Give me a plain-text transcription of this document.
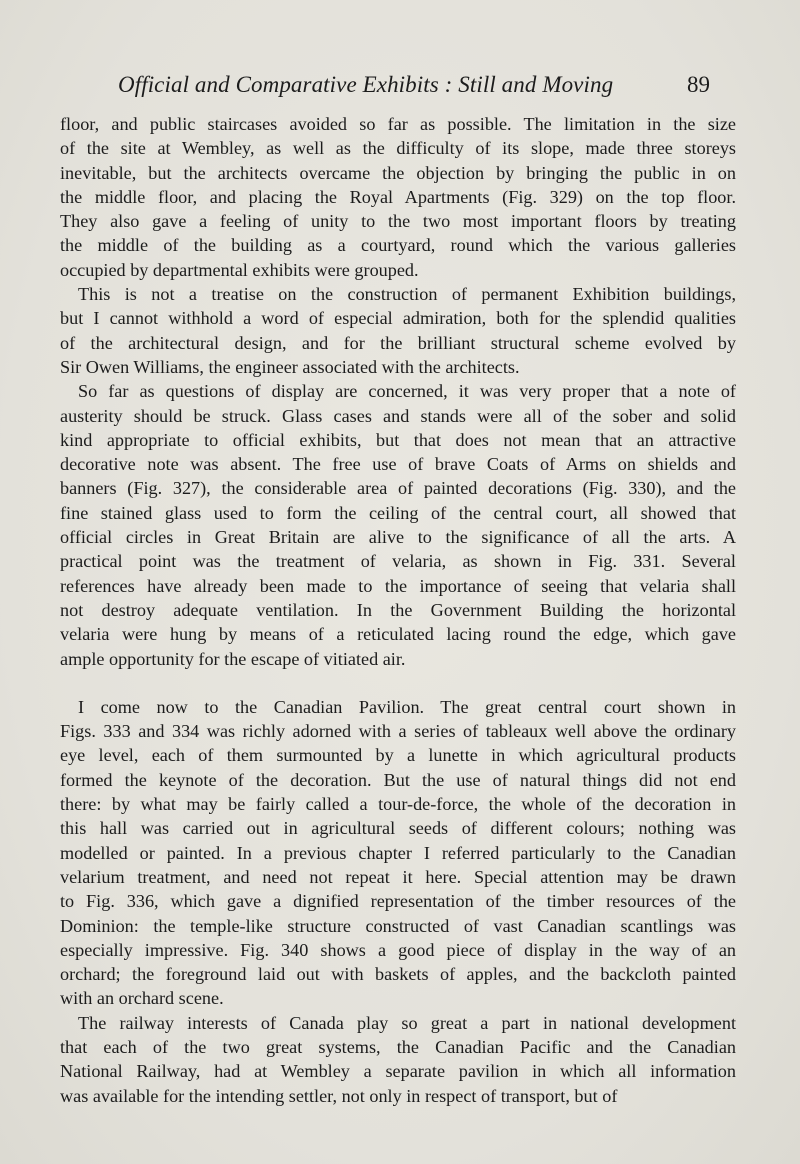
Official and Comparative Exhibits : Still and Moving	89

floor, and public staircases avoided so far as possible. The limitation in the size
of the site at Wembley, as well as the difficulty of its slope, made three storeys
inevitable, but the architects overcame the objection by bringing the public in on
the middle floor, and placing the Royal Apartments (Fig. 329) on the top floor.
They also gave a feeling of unity to the two most important floors by treating
the middle of the building as a courtyard, round which the various galleries
occupied by departmental exhibits were grouped.

This is not a treatise on the construction of permanent Exhibition buildings,
but I cannot withhold a word of especial admiration, both for the splendid qualities
of the architectural design, and for the brilliant structural scheme evolved by
Sir Owen Williams, the engineer associated with the architects.

So far as questions of display are concerned, it was very proper that a note of
austerity should be struck. Glass cases and stands were all of the sober and solid
kind appropriate to official exhibits, but that does not mean that an attractive
decorative note was absent. The free use of brave Coats of Arms on shields and
banners (Fig. 327), the considerable area of painted decorations (Fig. 330), and the
fine stained glass used to form the ceiling of the central court, all showed that
official circles in Great Britain are alive to the significance of all the arts. A
practical point was the treatment of velaria, as shown in Fig. 331. Several
references have already been made to the importance of seeing that velaria shall
not destroy adequate ventilation. In the Government Building the horizontal
velaria were hung by means of a reticulated lacing round the edge, which gave
ample opportunity for the escape of vitiated air.

I come now to the Canadian Pavilion. The great central court shown in
Figs. 333 and 334 was richly adorned with a series of tableaux well above the ordinary
eye level, each of them surmounted by a lunette in which agricultural products
formed the keynote of the decoration. But the use of natural things did not end
there: by what may be fairly called a tour-de-force, the whole of the decoration in
this hall was carried out in agricultural seeds of different colours; nothing was
modelled or painted. In a previous chapter I referred particularly to the Canadian
velarium treatment, and need not repeat it here. Special attention may be drawn
to Fig. 336, which gave a dignified representation of the timber resources of the
Dominion: the temple-like structure constructed of vast Canadian scantlings was
especially impressive. Fig. 340 shows a good piece of display in the way of an
orchard; the foreground laid out with baskets of apples, and the backcloth painted
with an orchard scene.

The railway interests of Canada play so great a part in national development
that each of the two great systems, the Canadian Pacific and the Canadian
National Railway, had at Wembley a separate pavilion in which all information
was available for the intending settler, not only in respect of transport, but of
